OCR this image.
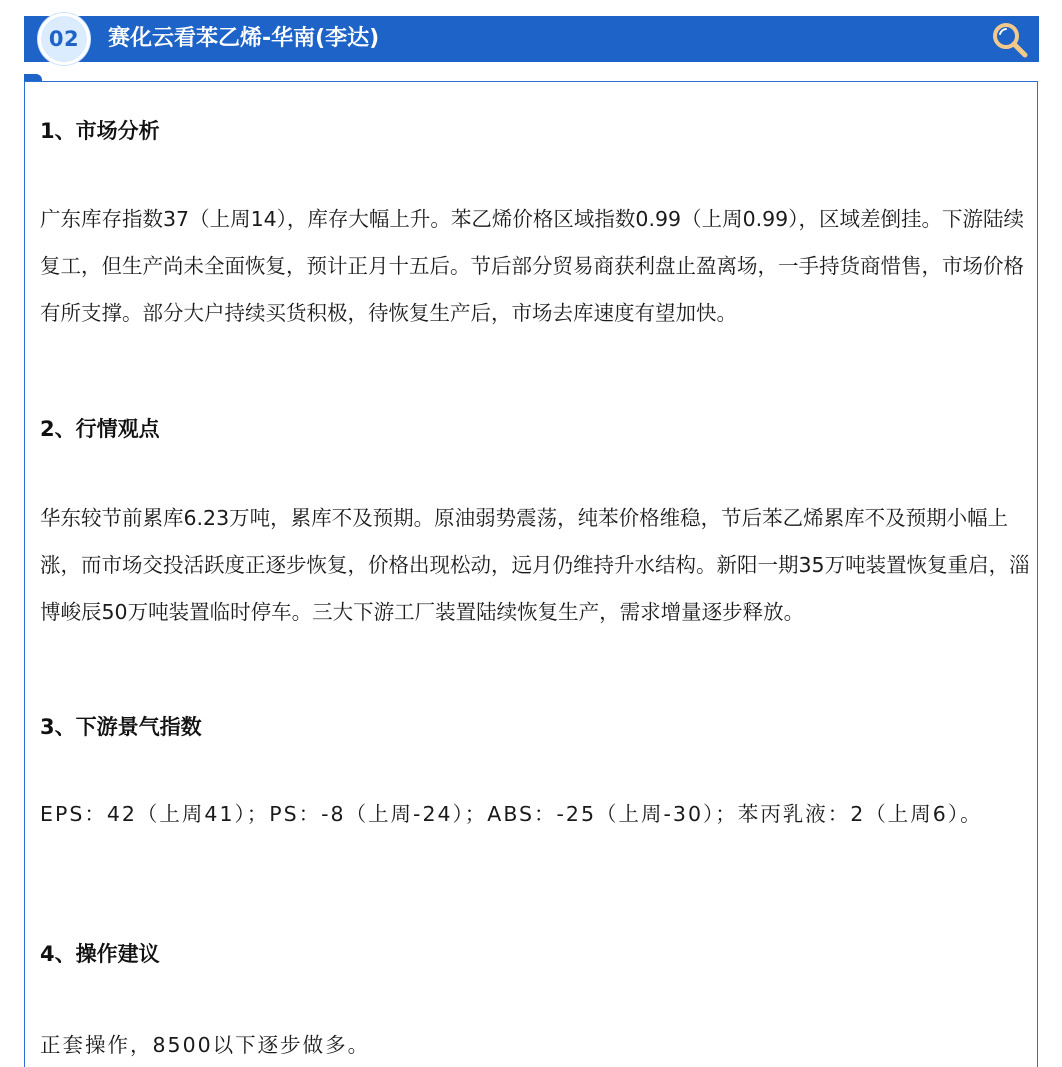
02 赛化云看苯乙烯-华南(李达)
1、市场分析

广东库存指数37（上周14），库存大幅上升。苯乙烯价格区域指数0.99（上周0.99），区域差倒挂。下游陆续复工，但生产尚未全面恢复，预计正月十五后。节后部分贸易商获利盘止盈离场，一手持货商惜售，市场价格有所支撑。部分大户持续买货积极，待恢复生产后，市场去库速度有望加快。

2、行情观点

华东较节前累库6.23万吨，累库不及预期。原油弱势震荡，纯苯价格维稳，节后苯乙烯累库不及预期小幅上涨，而市场交投活跃度正逐步恢复，价格出现松动，远月仍维持升水结构。新阳一期35万吨装置恢复重启，淄博峻辰50万吨装置临时停车。三大下游工厂装置陆续恢复生产，需求增量逐步释放。

3、下游景气指数

EPS：42（上周41）；PS：-8（上周-24）；ABS：-25（上周-30）；苯丙乳液：2（上周6）。

4、操作建议

正套操作，8500以下逐步做多。
